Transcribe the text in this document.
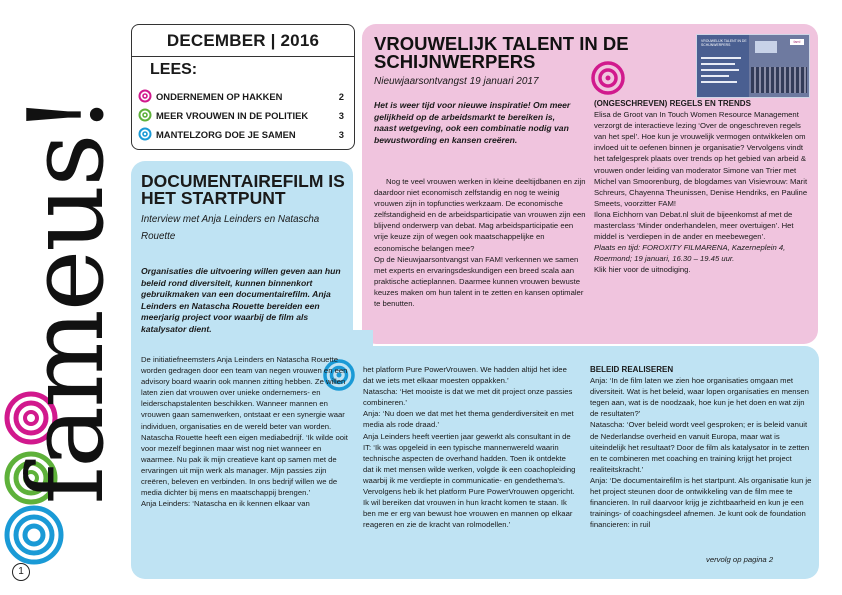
fameus!
1
DECEMBER | 2016
LEES:
ONDERNEMEN OP HAKKEN	2
MEER VROUWEN IN DE POLITIEK	3
MANTELZORG DOE JE SAMEN	3
VROUWELIJK TALENT IN DE SCHIJNWERPERS
Nieuwjaarsontvangst 19 januari 2017
Het is weer tijd voor nieuwe inspiratie! Om meer gelijkheid op de arbeidsmarkt te bereiken is, naast wetgeving, ook een combinatie nodig van bewustwording en kansen creëren.

Nog te veel vrouwen werken in kleine deeltijdbanen en zijn daardoor niet economisch zelfstandig en nog te weinig vrouwen zijn in topfuncties werkzaam. De economische zelfstandigheid en de arbeidsparticipatie van vrouwen zijn een blijvend onderwerp van debat. Mag arbeidsparticipatie een vrije keuze zijn of wegen ook maatschappelijke en economische belangen mee?

Op de Nieuwjaarsontvangst van FAM! verkennen we samen met experts en ervaringsdeskundigen een breed scala aan praktische actieplannen. Daarmee kunnen vrouwen bewuste keuzes maken om hun talent in te zetten en kansen optimaler te benutten.

VROUWELIJK TALENT IN DE SCHIJNWERPERS
fam!

(ONGESCHREVEN) REGELS EN TRENDS

Elisa de Groot van In Touch Women Resource Management verzorgt de interactieve lezing ‘Over de ongeschreven regels van het spel’. Hoe kun je vrouwelijk vermogen ontwikkelen om invloed uit te oefenen binnen je organisatie? Vervolgens vindt het tafelgesprek plaats over trends op het gebied van arbeid & vrouwen onder leiding van moderator Simone van Trier met Michel van Smoorenburg, de blogdames van Visievrouw: Marit Schreurs, Chayenna Theunissen, Denise Hendriks, en Pauline Smeets, voorzitter FAM!

Ilona Eichhorn van Debat.nl sluit de bijeenkomst af met de masterclass ‘Minder onderhandelen, meer overtuigen’. Het middel is ‘verdiepen in de ander en meebewegen’.

Plaats en tijd: FOROXITY FILMARENA, Kazerneplein 4, Roermond; 19 januari, 16.30 – 19.45 uur.

Klik hier voor de uitnodiging.

DOCUMENTAIREFILM IS HET STARTPUNT
Interview met Anja Leinders en Natascha Rouette
Organisaties die uitvoering willen geven aan hun beleid rond diversiteit, kunnen binnenkort gebruikmaken van een documentairefilm. Anja Leinders en Natascha Rouette bereiden een meerjarig project voor waarbij de film als katalysator dient.

De initiatiefneemsters Anja Leinders en Natascha Rouette worden gedragen door een team van negen vrouwen en een advisory board waarin ook mannen zitting hebben. Ze willen laten zien dat vrouwen over unieke ondernemers- en leiderschapstalenten beschikken. Wanneer mannen en vrouwen gaan samenwerken, ontstaat er een synergie waar individuen, organisaties en de wereld beter van worden.

Natascha Rouette heeft een eigen mediabedrijf. ‘Ik wilde ooit voor mezelf beginnen maar wist nog niet wanneer en waarmee. Nu pak ik mijn creatieve kant op samen met de ervaringen uit mijn werk als manager. Mijn passies zijn creëren, beleven en verbinden. In ons bedrijf willen we de media dichter bij mens en maatschappij brengen.’

Anja Leinders: ‘Natascha en ik kennen elkaar van

het platform Pure PowerVrouwen. We hadden altijd het idee dat we iets met elkaar moesten oppakken.’

Natascha: ‘Het mooiste is dat we met dit project onze passies combineren.’

Anja: ‘Nu doen we dat met het thema genderdiversiteit en met media als rode draad.’

Anja Leinders heeft veertien jaar gewerkt als consultant in de IT: ‘Ik was opgeleid in een typische mannenwereld waarin technische aspecten de overhand hadden. Toen ik ontdekte dat ik met mensen wilde werken, volgde ik een coachopleiding waarbij ik me verdiepte in communicatie- en gendethema’s. Vervolgens heb ik het platform Pure PowerVrouwen opgericht.

Ik wil bereiken dat vrouwen in hun kracht komen te staan. Ik ben me er erg van bewust hoe vrouwen en mannen op elkaar reageren en zie de kracht van rolmodellen.’

BELEID REALISEREN

Anja: ‘In de film laten we zien hoe organisaties omgaan met diversiteit. Wat is het beleid, waar lopen organisaties en mensen tegen aan, wat is de noodzaak, hoe kun je het doen en wat zijn de resultaten?’

Natascha: ‘Over beleid wordt veel gesproken; er is beleid vanuit de Nederlandse overheid en vanuit Europa, maar wat is uiteindelijk het resultaat? Door de film als katalysator in te zetten en te combineren met coaching en training krijgt het project realiteitskracht.’

Anja: ‘De documentairefilm is het startpunt. Als organisatie kun je het project steunen door de ontwikkeling van de film mee te financieren. In ruil daarvoor krijg je zichtbaarheid en kun je een trainings- of coachingsdeel afnemen. Je kunt ook de foundation financieren: in ruil

vervolg op pagina 2
